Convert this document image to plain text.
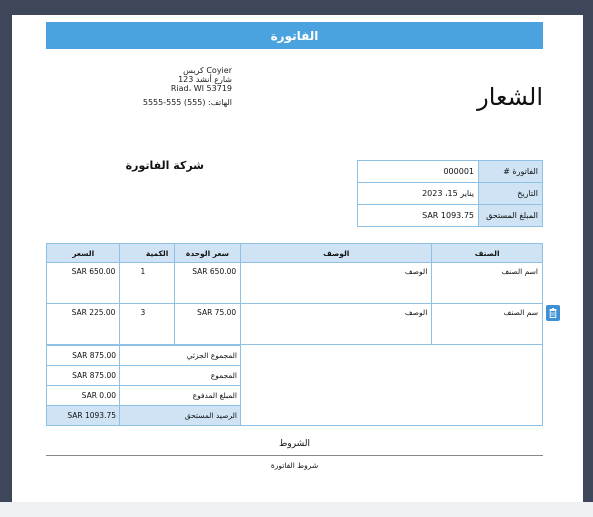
الفاتورة
الشعار
كريس Coyier
123 شارع أنشد
Riad، WI 53719
الهاتف: (555) 555-5555
شركة الفاتورة	000001	الفاتورة #
يناير 15، 2023	التاريخ
SAR 1093.75	المبلغ المستحق
السعر	الكمية	سعر الوحدة	الوصف	الصنف
SAR 650.00	1	SAR 650.00	الوصف	اسم الصنف
SAR 225.00	3	SAR 75.00	الوصف	سم الصنف
SAR 875.00	المجموع الجزئي
SAR 875.00	المجموع
SAR 0.00	المبلغ المدفوع
SAR 1093.75	الرصيد المستحق
الشروط
شروط الفاتورة
